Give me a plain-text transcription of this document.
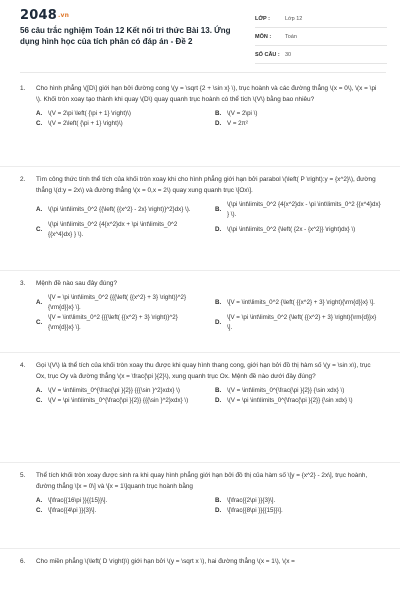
2048.vn
56 câu trắc nghiệm Toán 12 Kết nối tri thức Bài 13. Ứng dụng hình học của tích phân có đáp án - Đề 2
LỚP :	Lớp 12
MÔN :	Toán
SỐ CÂU : 30
1.	Cho hình phẳng \([D\] giới hạn bởi đường cong \(y = \sqrt {2 + \sin x} \), trục hoành và các đường thẳng \(x = 0\), \(x = \pi \). Khối tròn xoay tạo thành khi quay \(D\) quay quanh trục hoành có thể tích \(V\) bằng bao nhiêu?
A. \(V = 2\pi \left( {\pi + 1} \right)\)	B. \(V = 2\pi \)
C. \(V = 2\left( {\pi + 1} \right)\)	D. V = 2π²
2.	Tìm công thức tính thể tích của khối tròn xoay khi cho hình phẳng giới hạn bởi parabol \(\left( P \right):y = {x^2}\), đường thẳng \(d:y = 2x\) và đường thẳng \(x = 0,x = 2\) quay xung quanh trục \[Ox\].
A. \(\pi \int\limits_0^2 {{\left( {{x^2} - 2x} \right)}^2}dx} \).	B.
\(\pi \int\limits_0^2 {4{x^2}dx - \pi \int\limits_0^2 {{x^4}dx} } \).
C.
\(\pi \int\limits_0^2 {4{x^2}dx + \pi \int\limits_0^2 {{x^4}dx} } \).
D. \(\pi \int\limits_0^2 {\left( {2x - {x^2}} \right)dx} \)
3.	Mệnh đề nào sau đây đúng?
A.
\[V = \pi \int\limits_0^2 {{{\left( {{x^2} + 3} \right)}^2}{\rm{d}}x} \].
B. \[V = \int\limits_0^2 {\left( {{x^2} + 3} \right){\rm{d}}x} \].
C.
\[V = \int\limits_0^2 {{{\left( {{x^2} + 3} \right)}^2}{\rm{d}}x} \].
D.
\[V = \pi \int\limits_0^2 {\left( {{x^2} + 3} \right){\rm{d}}x} \].
4.	Gọi \(V\) là thể tích của khối tròn xoay thu được khi quay hình thang cong, giới hạn bởi đồ thị hàm số \(y = \sin x\), trục Ox, trục Oy và đường thẳng \(x = \frac{\pi }{2}\), xung quanh trục Ox. Mệnh đề nào dưới đây đúng?
A. \(V = \int\limits_0^{\frac{\pi }{2}} {{{\sin }^2}xdx} \)	B. \(V = \int\limits_0^{\frac{\pi }{2}} {\sin xdx} \)
C. \(V = \pi \int\limits_0^{\frac{\pi }{2}} {{{\sin }^2}xdx} \)	D. \(V = \pi \int\limits_0^{\frac{\pi }{2}} {\sin xdx} \)
5.	Thể tích khối tròn xoay được sinh ra khi quay hình phẳng giới hạn bởi đồ thị của hàm số \[y = {x^2} - 2x\], trục hoành, đường thẳng \[x = 0\] và \[x = 1\]quanh trục hoành bằng
A. \[\frac{{16\pi }}{{15}}\].	B. \[\frac{{2\pi }}{3}\].
C. \[\frac{{4\pi }}{3}\].	D. \[\frac{{8\pi }}{{15}}\].
6.	Cho miền phẳng \(\left( D \right)\) giới hạn bởi \(y = \sqrt x \), hai đường thẳng \(x = 1\), \(x =
